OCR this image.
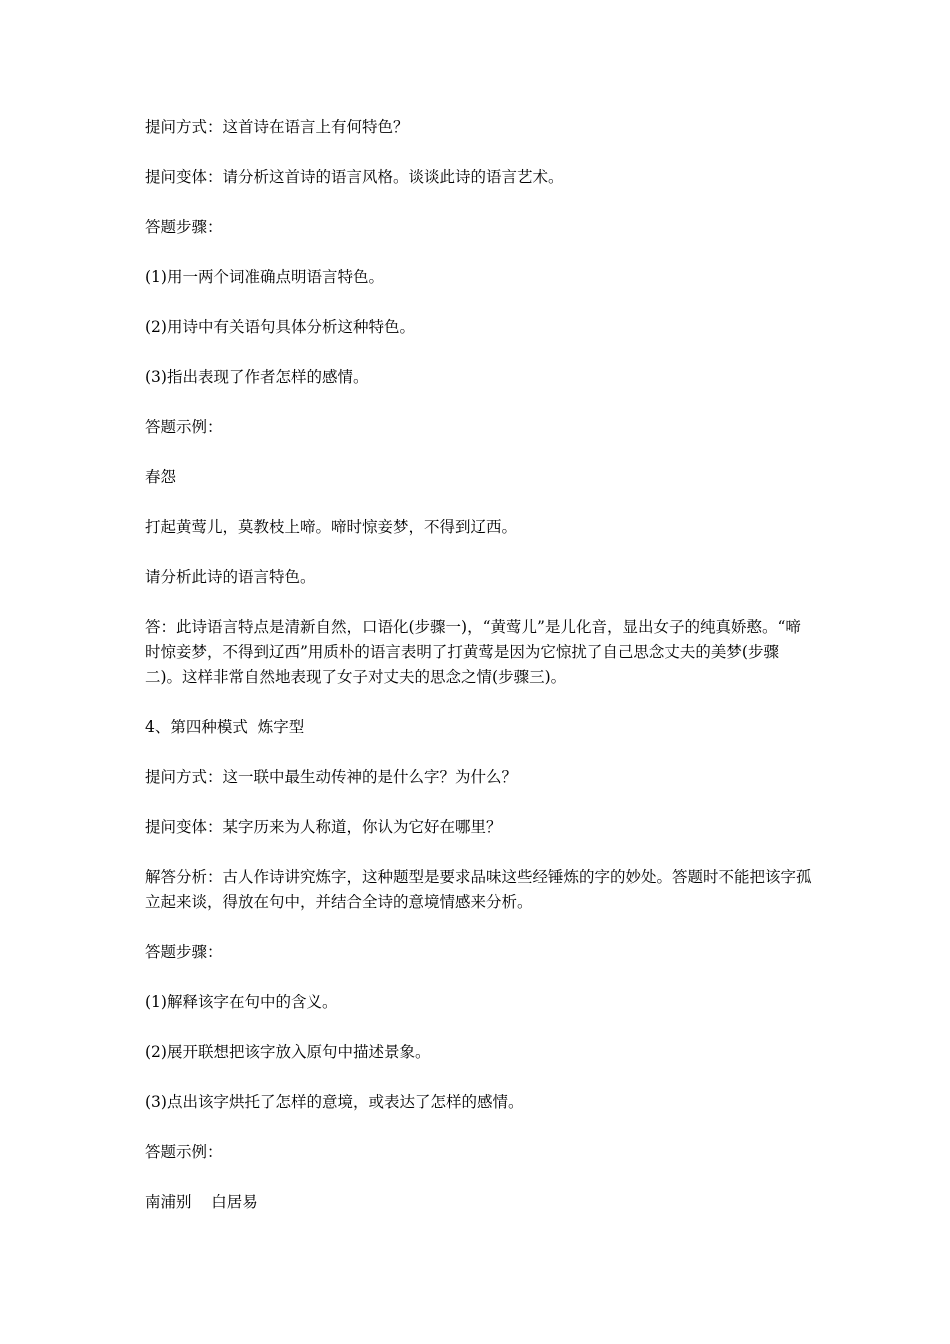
提问方式：这首诗在语言上有何特色？

提问变体：请分析这首诗的语言风格。谈谈此诗的语言艺术。

答题步骤：

(1)用一两个词准确点明语言特色。

(2)用诗中有关语句具体分析这种特色。

(3)指出表现了作者怎样的感情。

答题示例：

春怨

打起黄莺儿，莫教枝上啼。啼时惊妾梦，不得到辽西。

请分析此诗的语言特色。

答：此诗语言特点是清新自然，口语化(步骤一)，“黄莺儿”是儿化音，显出女子的纯真娇憨。“啼时惊妾梦，不得到辽西”用质朴的语言表明了打黄莺是因为它惊扰了自己思念丈夫的美梦(步骤二)。这样非常自然地表现了女子对丈夫的思念之情(步骤三)。

4、第四种模式  炼字型

提问方式：这一联中最生动传神的是什么字？为什么？

提问变体：某字历来为人称道，你认为它好在哪里？

解答分析：古人作诗讲究炼字，这种题型是要求品味这些经锤炼的字的妙处。答题时不能把该字孤立起来谈，得放在句中，并结合全诗的意境情感来分析。

答题步骤：

(1)解释该字在句中的含义。

(2)展开联想把该字放入原句中描述景象。

(3)点出该字烘托了怎样的意境，或表达了怎样的感情。

答题示例：

南浦别    白居易
